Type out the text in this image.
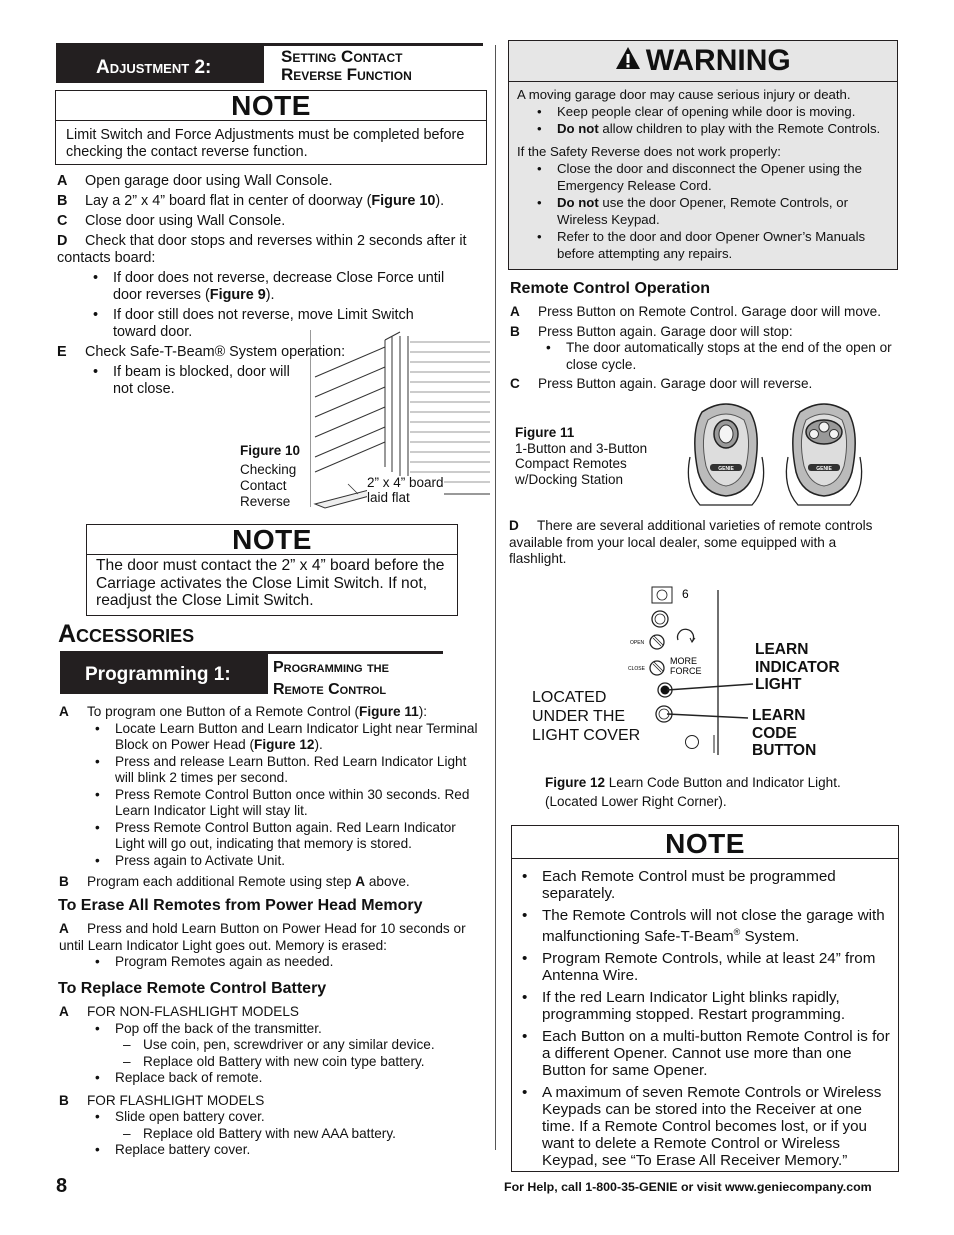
Adjustment 2:
Setting Contact
Reverse Function
NOTE
Limit Switch and Force Adjustments must be completed before checking the contact reverse function.
A Open garage door using Wall Console.
B Lay a 2” x 4” board flat in center of doorway (Figure 10).
C Close door using Wall Console.
D Check that door stops and reverses within 2 seconds after it contacts board:
• If door does not reverse, decrease Close Force until door reverses (Figure 9).
• If door still does not reverse, move Limit Switch toward door.
E Check Safe-T-Beam® System operation:
• If beam is blocked, door will not close.
Figure 10
Checking
Contact
Reverse
2” x 4” board
laid flat
NOTE
The door must contact the 2” x 4” board before the Carriage activates the Close Limit Switch. If not, readjust the Close Limit Switch.
Accessories
Programming 1:	Programming the
Remote Control
A To program one Button of a Remote Control (Figure 11):
• Locate Learn Button and Learn Indicator Light near Terminal Block on Power Head (Figure 12).
• Press and release Learn Button. Red Learn Indicator Light will blink 2 times per second.
• Press Remote Control Button once within 30 seconds. Red Learn Indicator Light will stay lit.
• Press Remote Control Button again. Red Learn Indicator Light will go out, indicating that memory is stored.
• Press again to Activate Unit.
B Program each additional Remote using step A above.
To Erase All Remotes from Power Head Memory
A Press and hold Learn Button on Power Head for 10 seconds or until Learn Indicator Light goes out. Memory is erased:
• Program Remotes again as needed.
To Replace Remote Control Battery
A FOR NON-FLASHLIGHT MODELS
• Pop off the back of the transmitter.
– Use coin, pen, screwdriver or any similar device.
– Replace old Battery with new coin type battery.
• Replace back of remote.
B FOR FLASHLIGHT MODELS
• Slide open battery cover.
– Replace old Battery with new AAA battery.
• Replace battery cover.
WARNING
A moving garage door may cause serious injury or death.
• Keep people clear of opening while door is moving.
• Do not allow children to play with the Remote Controls.
If the Safety Reverse does not work properly:
• Close the door and disconnect the Opener using the Emergency Release Cord.
• Do not use the door Opener, Remote Controls, or Wireless Keypad.
• Refer to the door and door Opener Owner’s Manuals before attempting any repairs.
Remote Control Operation
A Press Button on Remote Control. Garage door will move.
B Press Button again. Garage door will stop:
• The door automatically stops at the end of the open or close cycle.
C Press Button again. Garage door will reverse.
Figure 11
1-Button and 3-Button
Compact Remotes
w/Docking Station
GENIE	GENIE
D There are several additional varieties of remote controls available from your local dealer, some equipped with a flashlight.
6
OPEN
CLOSE
MORE
FORCE
LOCATED
UNDER THE
LIGHT COVER
LEARN
INDICATOR
LIGHT
LEARN
CODE
BUTTON
Figure 12 Learn Code Button and Indicator Light.
(Located Lower Right Corner).
NOTE
• Each Remote Control must be programmed separately.
• The Remote Controls will not close the garage with malfunctioning Safe-T-Beam® System.
• Program Remote Controls, while at least 24” from Antenna Wire.
• If the red Learn Indicator Light blinks rapidly, programming stopped. Restart programming.
• Each Button on a multi-button Remote Control is for a different Opener. Cannot use more than one Button for same Opener.
• A maximum of seven Remote Controls or Wireless Keypads can be stored into the Receiver at one time. If a Remote Control becomes lost, or if you want to delete a Remote Control or Wireless Keypad, see “To Erase All Receiver Memory.”
8	For Help, call 1-800-35-GENIE or visit www.geniecompany.com
